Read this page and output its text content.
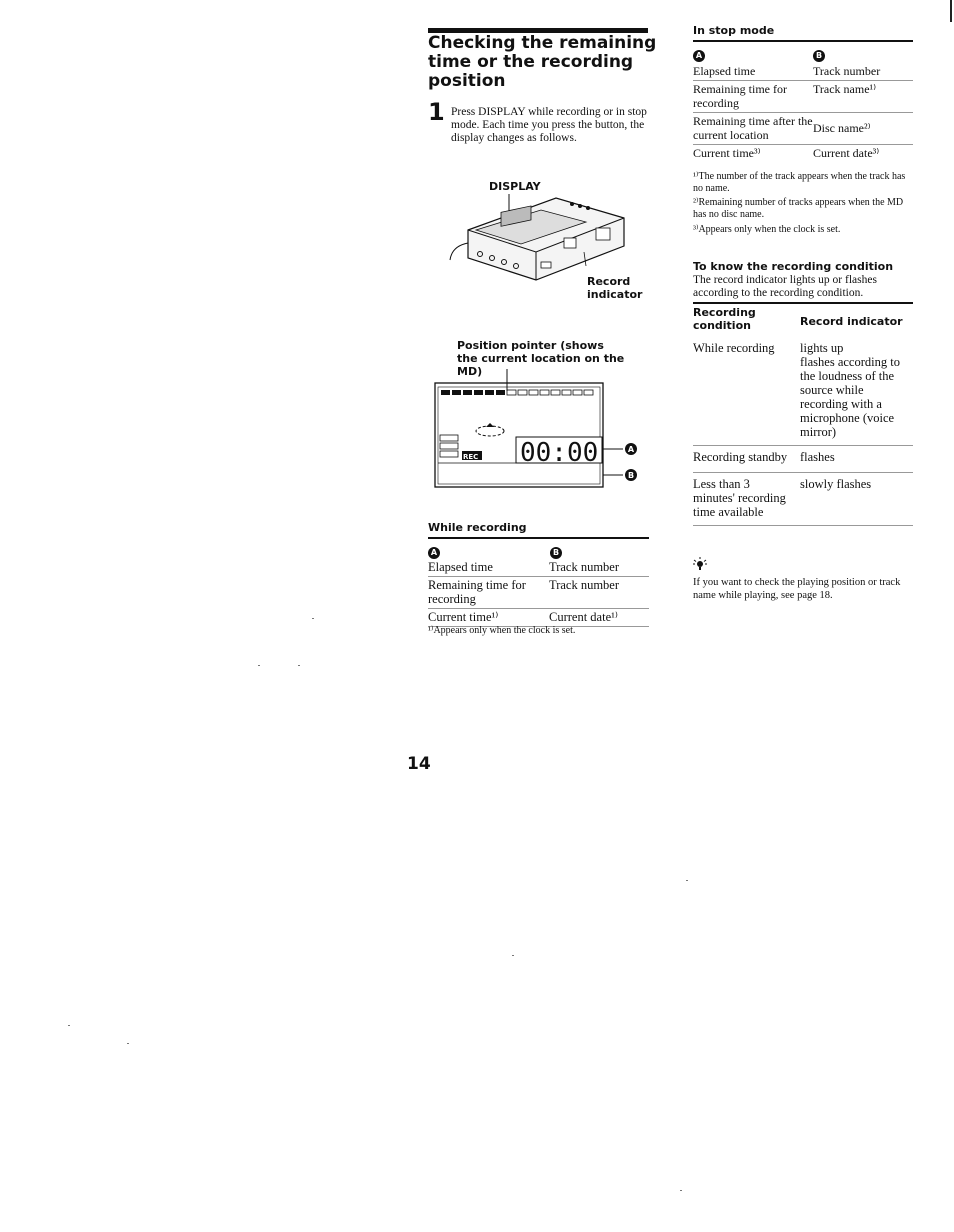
Checking the remaining time or the recording position
1 Press DISPLAY while recording or in stop mode. Each time you press the button, the display changes as follows.
DISPLAY
Record indicator
Position pointer (shows the current location on the MD)
REC 00:00	A
B
While recording
A	B
Elapsed time	Track number
Remaining time for recording	Track number
Current time¹⁾	Current date¹⁾
¹⁾Appears only when the clock is set.
14
In stop mode
A	B
Elapsed time	Track number
Remaining time for recording	Track name¹⁾
Remaining time after the current location	Disc name²⁾
Current time³⁾	Current date³⁾
¹⁾The number of the track appears when the track has no name.
²⁾Remaining number of tracks appears when the MD has no disc name.
³⁾Appears only when the clock is set.
To know the recording condition
The record indicator lights up or flashes according to the recording condition.
Recording condition	Record indicator
While recording	lights up
flashes according to the loudness of the source while recording with a microphone (voice mirror)
Recording standby	flashes
Less than 3 minutes' recording time available	slowly flashes
If you want to check the playing position or track name while playing, see page 18.
